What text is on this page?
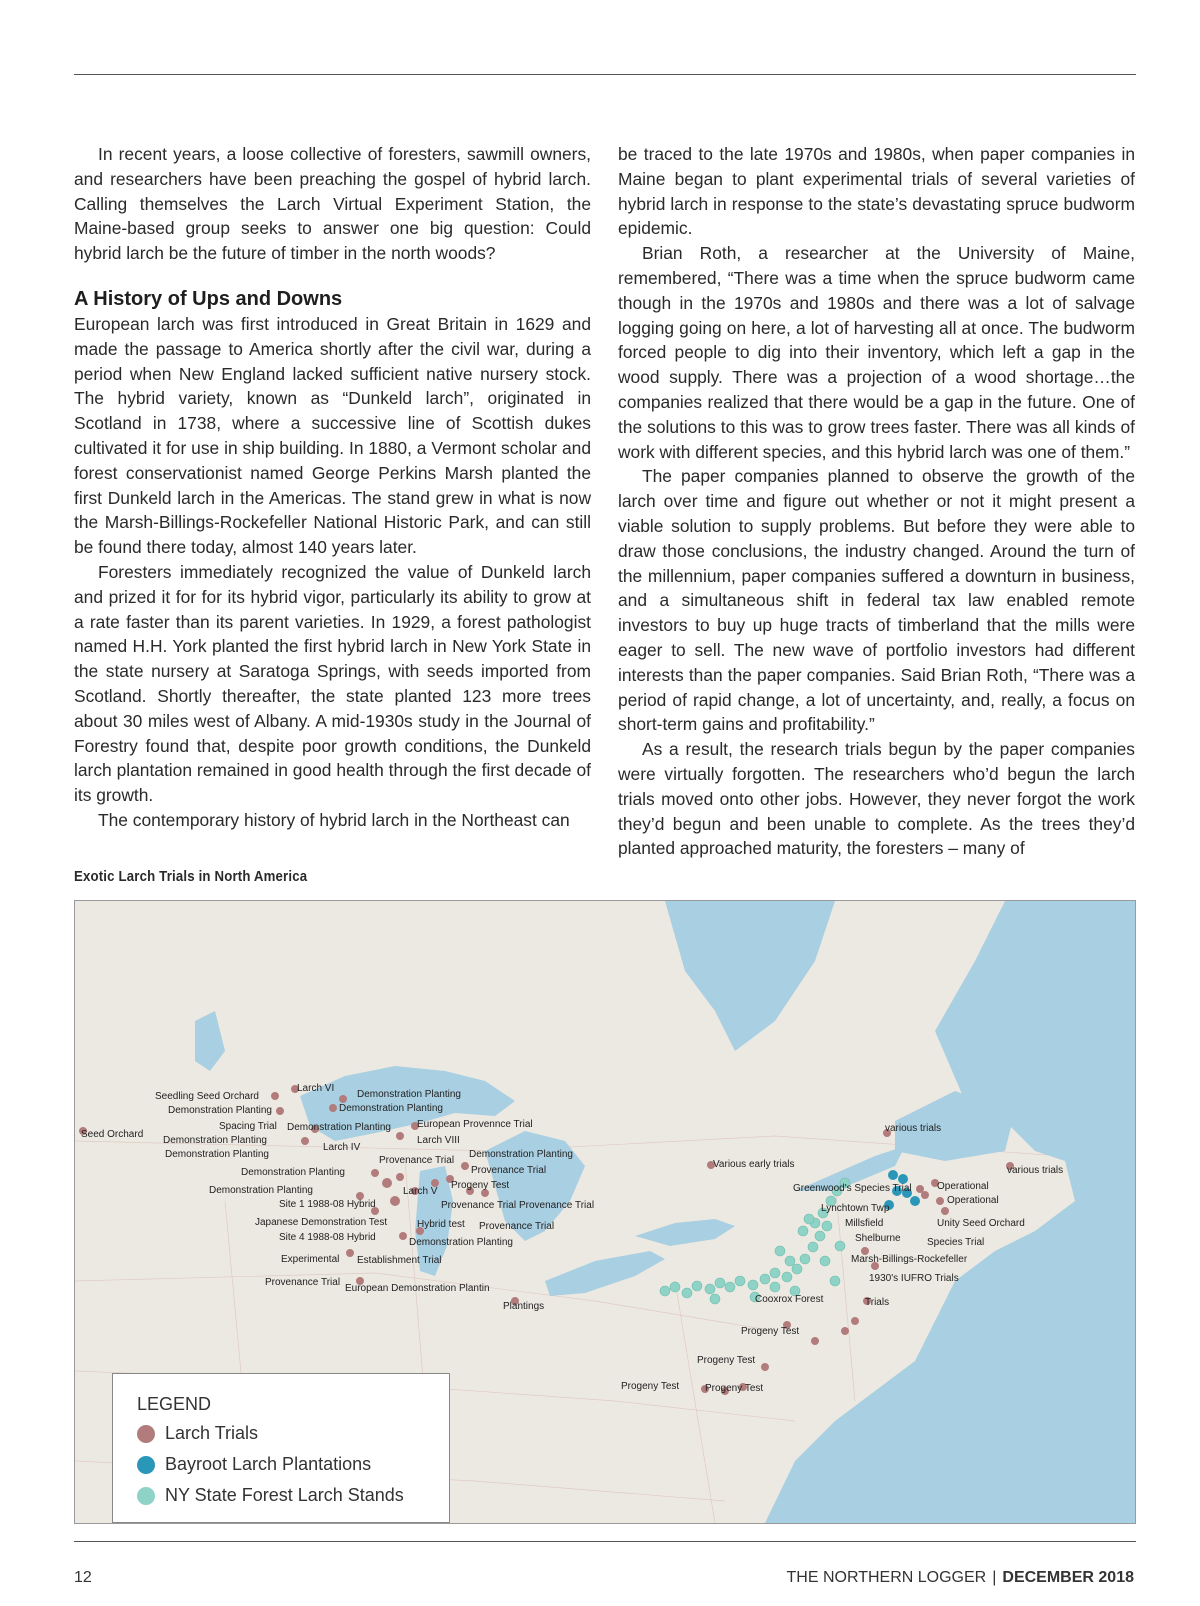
In recent years, a loose collective of foresters, sawmill owners, and researchers have been preaching the gospel of hybrid larch. Calling themselves the Larch Virtual Experiment Station, the Maine-based group seeks to answer one big question: Could hybrid larch be the future of timber in the north woods?

A History of Ups and Downs

European larch was first introduced in Great Britain in 1629 and made the passage to America shortly after the civil war, during a period when New England lacked sufficient native nursery stock. The hybrid variety, known as “Dunkeld larch”, originated in Scotland in 1738, where a successive line of Scottish dukes cultivated it for use in ship building. In 1880, a Vermont scholar and forest conservationist named George Perkins Marsh planted the first Dunkeld larch in the Americas. The stand grew in what is now the Marsh-Billings-Rockefeller National Historic Park, and can still be found there today, almost 140 years later.

Foresters immediately recognized the value of Dunkeld larch and prized it for for its hybrid vigor, particularly its ability to grow at a rate faster than its parent varieties. In 1929, a forest pathologist named H.H. York planted the first hybrid larch in New York State in the state nursery at Saratoga Springs, with seeds imported from Scotland. Shortly thereafter, the state planted 123 more trees about 30 miles west of Albany. A mid-1930s study in the Journal of Forestry found that, despite poor growth conditions, the Dunkeld larch plantation remained in good health through the first decade of its growth.

The contemporary history of hybrid larch in the Northeast can

be traced to the late 1970s and 1980s, when paper companies in Maine began to plant experimental trials of several varieties of hybrid larch in response to the state’s devastating spruce budworm epidemic.

Brian Roth, a researcher at the University of Maine, remembered, “There was a time when the spruce budworm came though in the 1970s and 1980s and there was a lot of salvage logging going on here, a lot of harvesting all at once. The budworm forced people to dig into their inventory, which left a gap in the wood supply. There was a projection of a wood shortage…the companies realized that there would be a gap in the future. One of the solutions to this was to grow trees faster. There was all kinds of work with different species, and this hybrid larch was one of them.”

The paper companies planned to observe the growth of the larch over time and figure out whether or not it might present a viable solution to supply problems. But before they were able to draw those conclusions, the industry changed. Around the turn of the millennium, paper companies suffered a downturn in business, and a simultaneous shift in federal tax law enabled remote investors to buy up huge tracts of timberland that the mills were eager to sell. The new wave of portfolio investors had different interests than the paper companies. Said Brian Roth, “There was a period of rapid change, a lot of uncertainty, and, really, a focus on short-term gains and profitability.”

As a result, the research trials begun by the paper companies were virtually forgotten. The researchers who’d begun the larch trials moved onto other jobs. However, they never forgot the work they’d begun and been unable to complete. As the trees they’d planted approached maturity, the foresters – many of

Exotic Larch Trials in North America
Seed Orchard
Seedling Seed Orchard
Demonstration Planting
Larch VI
Demonstration Planting
Demonstration Planting
Spacing Trial Demonstration Planting	European Provennce Trial
Demonstration Planting	Larch VIII
Larch IV
Demonstration Planting
Provenance Trial
Demonstration Planting
Demonstration Planting	Provenance Trial
Demonstration Planting	Larch V
Progeny Test
Site 1 1988-08 Hybrid	Provenance Trial Provenance Trial
Japanese Demonstration Test	Hybrid test Provenance Trial
Site 4 1988-08 Hybrid	Demonstration Planting
Experimental Establishment Trial
Provenance Trial
European Demonstration Plantin
Plantings
various trials
Various early trials
various trials
Greenwood's Species Trial	Operational
Operational
Lynchtown Twp
Millsfield	Unity Seed Orchard
Shelburne	Species Trial
Marsh-Billings-Rockefeller
1930's IUFRO Trials
Cooxrox Forest	Trials
Progeny Test
Progeny Test
Progeny Test	Progeny Test
LEGEND
Larch Trials
Bayroot Larch Plantations
NY State Forest Larch Stands
12	THE NORTHERN LOGGER | DECEMBER 2018
